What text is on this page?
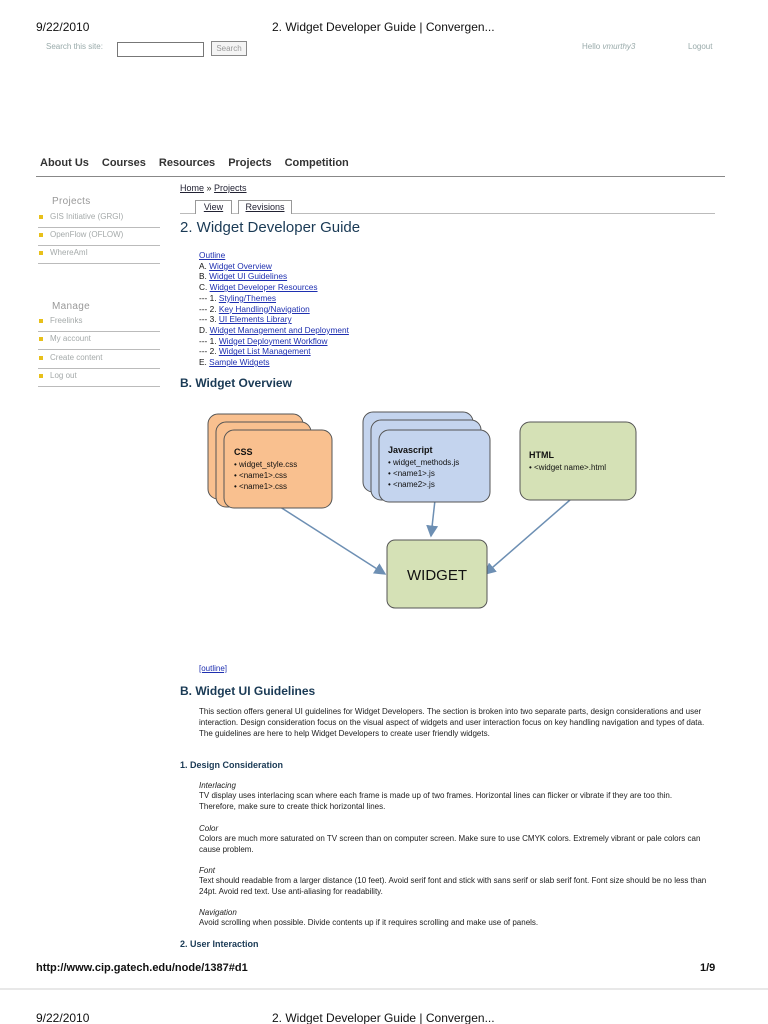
9/22/2010	2. Widget Developer Guide | Convergen...
Search this site:	Search	Hello vmurthy3	Logout
About Us Courses Resources Projects Competition
Projects
GIS Initiative (GRGI)
OpenFlow (OFLOW)
WhereAmI
Manage
Freelinks
My account
Create content
Log out
Home » Projects
View	Revisions
2. Widget Developer Guide
Outline
A. Widget Overview
B. Widget UI Guidelines
C. Widget Developer Resources
--- 1. Styling/Themes
--- 2. Key Handling/Navigation
--- 3. UI Elements Library
D. Widget Management and Deployment
--- 1. Widget Deployment Workflow
--- 2. Widget List Management
E. Sample Widgets
B. Widget Overview
CSS
• widget_style.css
• <name1>.css
• <name1>.css
Javascript
• widget_methods.js
• <name1>.js
• <name2>.js
HTML
• <widget name>.html
WIDGET
[outline]
B. Widget UI Guidelines
This section offers general UI guidelines for Widget Developers. The section is broken into two separate parts, design considerations and user interaction. Design consideration focus on the visual aspect of widgets and user interaction focus on key handling navigation and types of data. The guidelines are here to help Widget Developers to create user friendly widgets.
1. Design Consideration
Interlacing
TV display uses interlacing scan where each frame is made up of two frames. Horizontal lines can flicker or vibrate if they are too thin. Therefore, make sure to create thick horizontal lines.
Color
Colors are much more saturated on TV screen than on computer screen. Make sure to use CMYK colors. Extremely vibrant or pale colors can cause problem.
Font
Text should readable from a larger distance (10 feet). Avoid serif font and stick with sans serif or slab serif font. Font size should be no less than 24pt. Avoid red text. Use anti-aliasing for readability.
Navigation
Avoid scrolling when possible. Divide contents up if it requires scrolling and make use of panels.
2. User Interaction
http://www.cip.gatech.edu/node/1387#d1	1/9
9/22/2010	2. Widget Developer Guide | Convergen...
